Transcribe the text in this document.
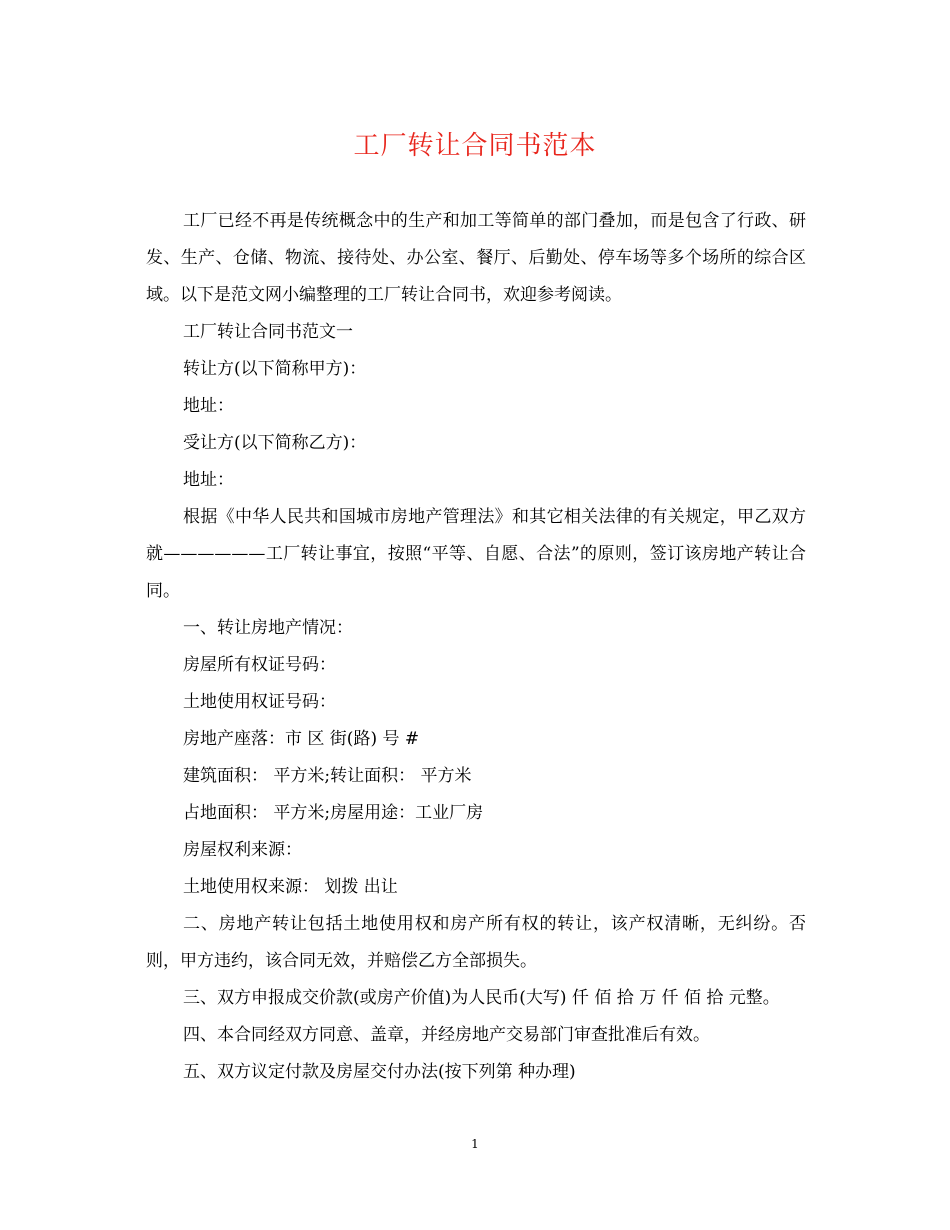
工厂转让合同书范本

工厂已经不再是传统概念中的生产和加工等简单的部门叠加，而是包含了行政、研发、生产、仓储、物流、接待处、办公室、餐厅、后勤处、停车场等多个场所的综合区域。以下是范文网小编整理的工厂转让合同书，欢迎参考阅读。

工厂转让合同书范文一

转让方(以下简称甲方)：

地址：

受让方(以下简称乙方)：

地址：

根据《中华人民共和国城市房地产管理法》和其它相关法律的有关规定，甲乙双方就——————工厂转让事宜，按照“平等、自愿、合法”的原则，签订该房地产转让合同。

一、转让房地产情况：

房屋所有权证号码：

土地使用权证号码：

房地产座落：市 区 街(路) 号 #

建筑面积： 平方米;转让面积： 平方米

占地面积： 平方米;房屋用途：工业厂房

房屋权利来源：

土地使用权来源： 划拨 出让

二、房地产转让包括土地使用权和房产所有权的转让，该产权清晰，无纠纷。否则，甲方违约，该合同无效，并赔偿乙方全部损失。

三、双方申报成交价款(或房产价值)为人民币(大写) 仟 佰 拾 万 仟 佰 拾 元整。

四、本合同经双方同意、盖章，并经房地产交易部门审查批准后有效。

五、双方议定付款及房屋交付办法(按下列第 种办理)

1
